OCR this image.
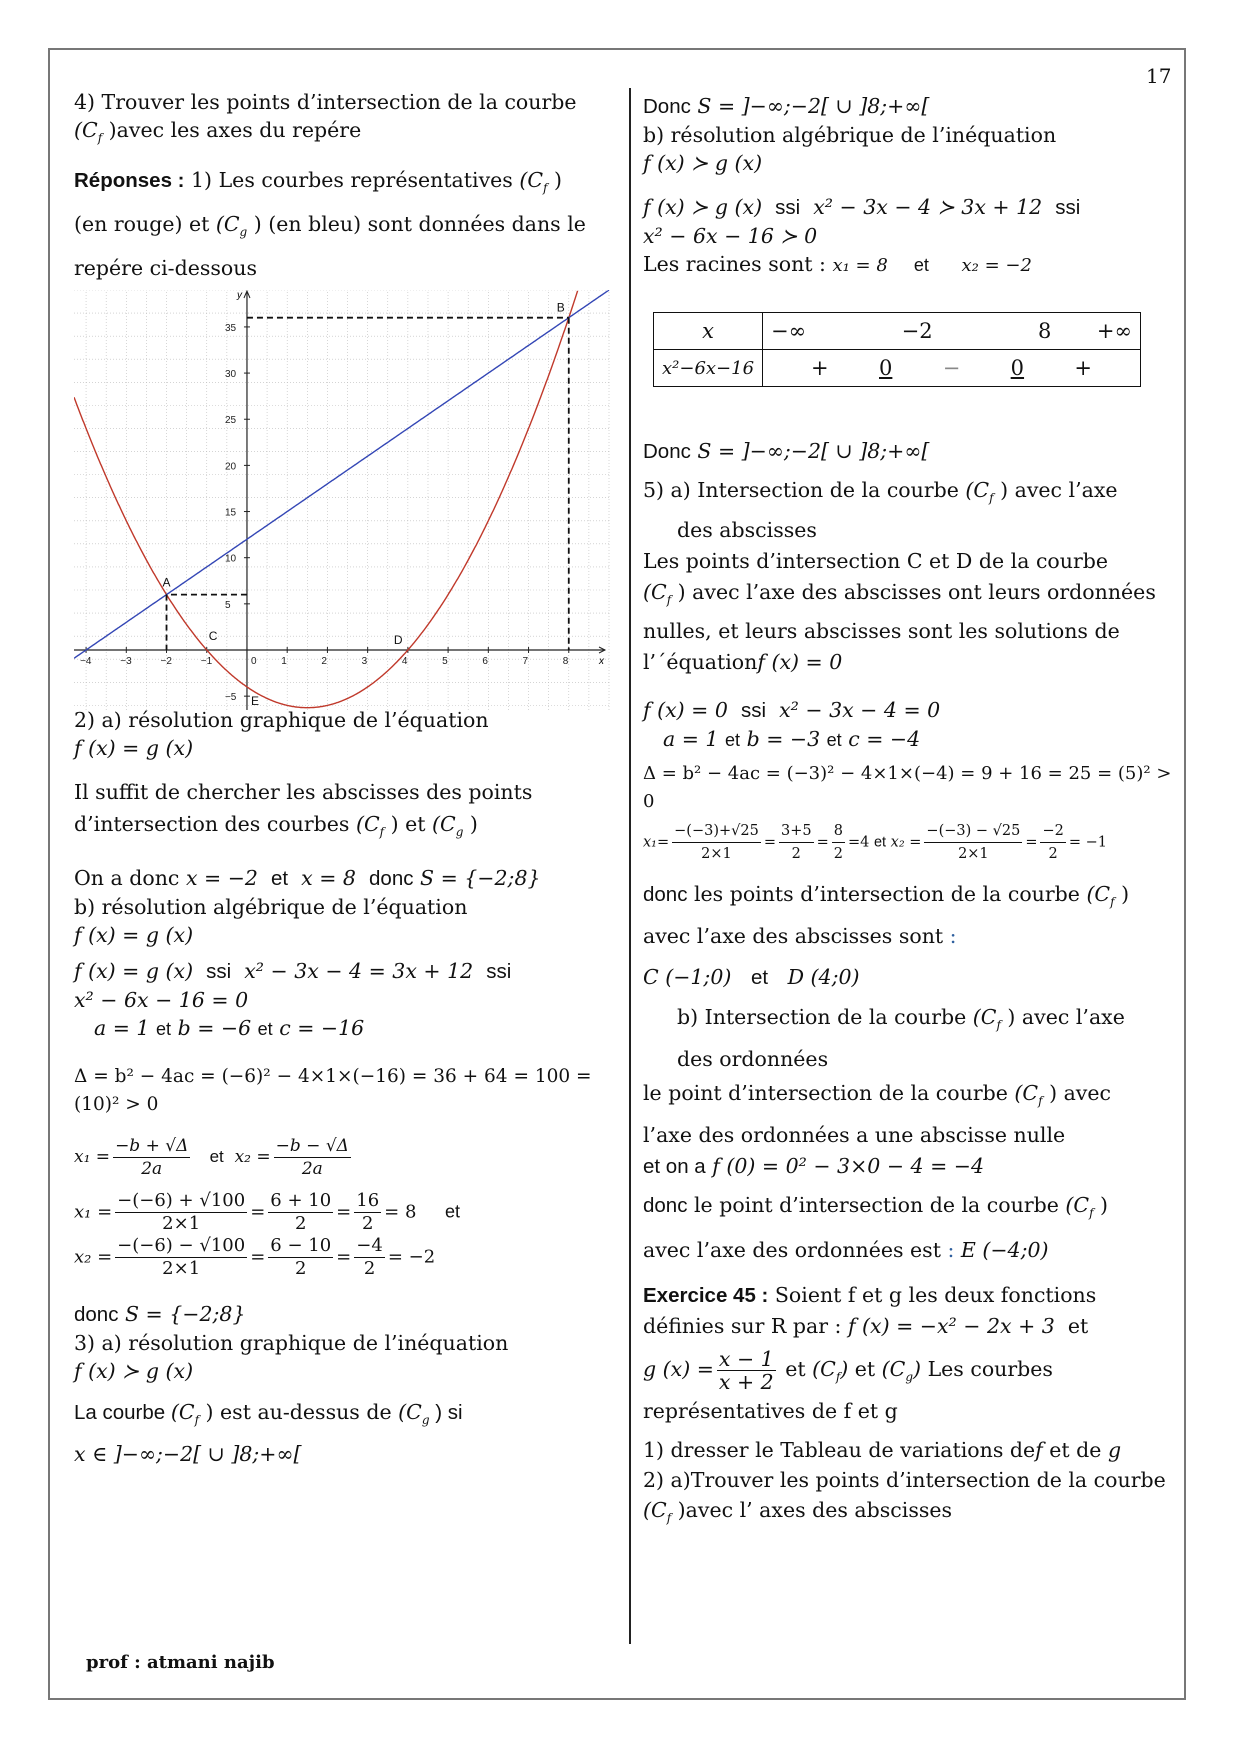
17

4) Trouver les points d’intersection de la courbe
($C_f$ )avec les axes du repére

Réponses : 1) Les courbes représentatives ($C_f$ )
(en rouge) et ($C_g$ ) (en bleu) sont données dans le
repére ci-dessous

−4	−3	−2	−1	0 1	2	3	4	5	6	7	8
−5
5
10
15
20
25
30
35
x
y
A
B
C	D
E

2) a) résolution graphique de l’équation
f (x) = g (x)

Il suffit de chercher les abscisses des points
d’intersection des courbes ($C_f$ ) et ($C_g$ )

On a donc x = −2 et x = 8 donc S = {−2;8}

b) résolution algébrique de l’équation
f (x) = g (x)

f (x) = g (x) ssi x² − 3x − 4 = 3x + 12 ssi

x² − 6x − 16 = 0

a = 1 et b = −6 et c = −16

Δ = b² − 4ac = (−6)² − 4×1×(−16) = 36 + 64 = 100 = (10)² > 0

$x_1 = \frac{-b + √\Delta}{2a}$ et $x_2 = \frac{-b - √\Delta}{2a}$
$x_1 = \frac{-(-6) + √100}{2\times 1} = \frac{6 + 10}{2} = \frac{16}{2} = 8$ et
$x_2 = \frac{-(-6) - √100}{2\times 1} = \frac{6 - 10}{2} = \frac{-4}{2} = -2$

donc S = {−2;8}

3) a) résolution graphique de l’inéquation
f (x) ≻ g (x)

La courbe ($C_f$ ) est au-dessus de ($C_g$ ) si
x ∈ ]−∞;−2[ ∪ ]8;+∞[

Donc S = ]−∞;−2[ ∪ ]8;+∞[

b) résolution algébrique de l’inéquation
f (x) ≻ g (x)

f (x) ≻ g (x) ssi x² − 3x − 4 ≻ 3x + 12 ssi

x² − 6x − 16 ≻ 0

Les racines sont : x₁ = 8 et x₂ = −2

x	−∞ −2 8 +∞

x²−6x−16	+ 0 − 0 +

Donc S = ]−∞;−2[ ∪ ]8;+∞[

5) a) Intersection de la courbe ($C_f$ ) avec l’axe
des abscisses

Les points d’intersection C et D de la courbe
($C_f$ ) avec l’axe des abscisses ont leurs ordonnées
nulles, et leurs abscisses sont les solutions de
l’´équationf (x) = 0

f (x) = 0 ssi x² − 3x − 4 = 0

a = 1 et b = −3 et c = −4

Δ = b² − 4ac = (−3)² − 4×1×(−4) = 9 + 16 = 25 = (5)² > 0

$x_1= \frac{-(-3)+√25}{2\times 1} = \frac{3+5}{2} = \frac{8}{2} =4$ et $x_2 = \frac{-(-3) - √25}{2\times 1} = \frac{-2}{2} = -1$

donc les points d’intersection de la courbe ($C_f$ )
avec l’axe des abscisses sont :

C (−1;0) et D (4;0)

b) Intersection de la courbe ($C_f$ ) avec l’axe
des ordonnées

le point d’intersection de la courbe ($C_f$ ) avec
l’axe des ordonnées a une abscisse nulle

et on a f (0) = 0² − 3×0 − 4 = −4

donc le point d’intersection de la courbe ($C_f$ )
avec l’axe des ordonnées est : E (−4;0)

Exercice 45 : Soient f et g les deux fonctions
définies sur R par : f (x) = −x² − 2x + 3 et

g $(x) = \frac{x - 1}{x + 2}$ et $(C_f)$ et $(C_g)$ Les courbes

représentatives de f et g

1) dresser le Tableau de variations def et de g
2) a)Trouver les points d’intersection de la courbe
($C_f$ )avec l’ axes des abscisses

prof : atmani najib
